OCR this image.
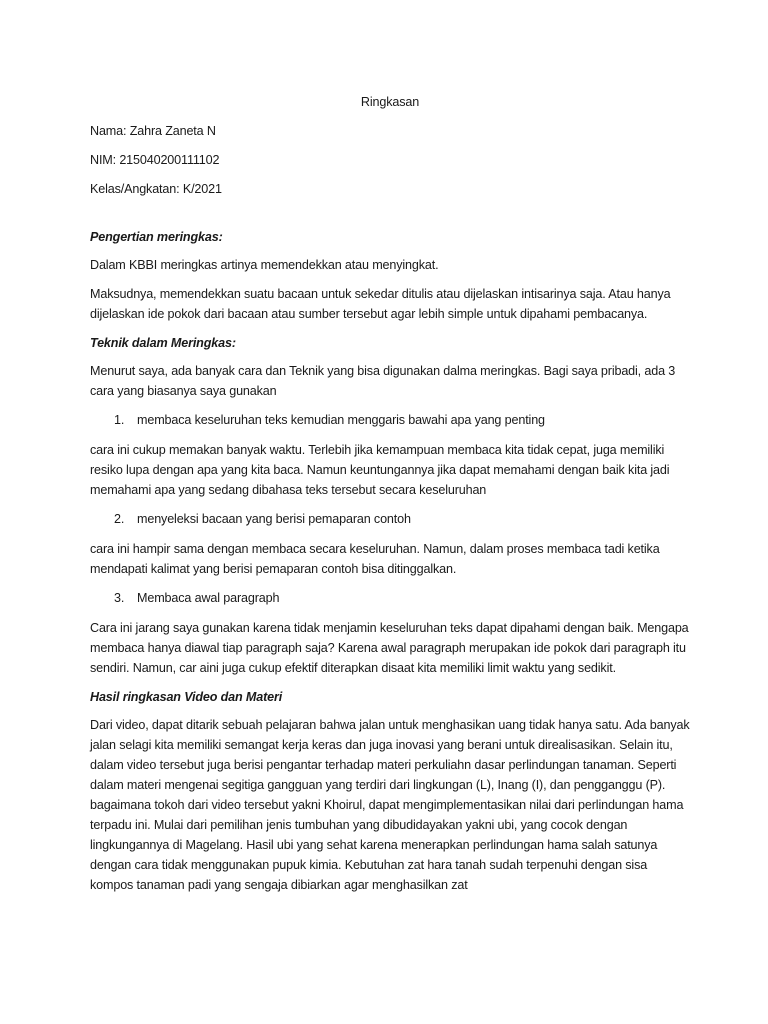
Ringkasan
Nama: Zahra Zaneta N
NIM: 215040200111102
Kelas/Angkatan: K/2021
Pengertian meringkas:

Dalam KBBI meringkas artinya memendekkan atau menyingkat.

Maksudnya, memendekkan suatu bacaan untuk sekedar ditulis atau dijelaskan intisarinya saja. Atau hanya dijelaskan ide pokok dari bacaan atau sumber tersebut agar lebih simple untuk dipahami pembacanya.

Teknik dalam Meringkas:

Menurut saya, ada banyak cara dan Teknik yang bisa digunakan dalma meringkas. Bagi saya pribadi, ada 3 cara yang biasanya saya gunakan

1. membaca keseluruhan teks kemudian menggaris bawahi apa yang penting

cara ini cukup memakan banyak waktu. Terlebih jika kemampuan membaca kita tidak cepat, juga memiliki resiko lupa dengan apa yang kita baca. Namun keuntungannya jika dapat memahami dengan baik kita jadi memahami apa yang sedang dibahasa teks tersebut secara keseluruhan

2. menyeleksi bacaan yang berisi pemaparan contoh

cara ini hampir sama dengan membaca secara keseluruhan. Namun, dalam proses membaca tadi ketika mendapati kalimat yang berisi pemaparan contoh bisa ditinggalkan.

3. Membaca awal paragraph

Cara ini jarang saya gunakan karena tidak menjamin keseluruhan teks dapat dipahami dengan baik. Mengapa membaca hanya diawal tiap paragraph saja? Karena awal paragraph merupakan ide pokok dari paragraph itu sendiri. Namun, car aini juga cukup efektif diterapkan disaat kita memiliki limit waktu yang sedikit.

Hasil ringkasan Video dan Materi

Dari video, dapat ditarik sebuah pelajaran bahwa jalan untuk menghasikan uang tidak hanya satu. Ada banyak jalan selagi kita memiliki semangat kerja keras dan juga inovasi yang berani untuk direalisasikan. Selain itu, dalam video tersebut juga berisi pengantar terhadap materi perkuliahn dasar perlindungan tanaman. Seperti dalam materi mengenai segitiga gangguan yang terdiri dari lingkungan (L), Inang (I), dan pengganggu (P). bagaimana tokoh dari video tersebut yakni Khoirul, dapat mengimplementasikan nilai dari perlindungan hama terpadu ini. Mulai dari pemilihan jenis tumbuhan yang dibudidayakan yakni ubi, yang cocok dengan lingkungannya di Magelang. Hasil ubi yang sehat karena menerapkan perlindungan hama salah satunya dengan cara tidak menggunakan pupuk kimia. Kebutuhan zat hara tanah sudah terpenuhi dengan sisa kompos tanaman padi yang sengaja dibiarkan agar menghasilkan zat
